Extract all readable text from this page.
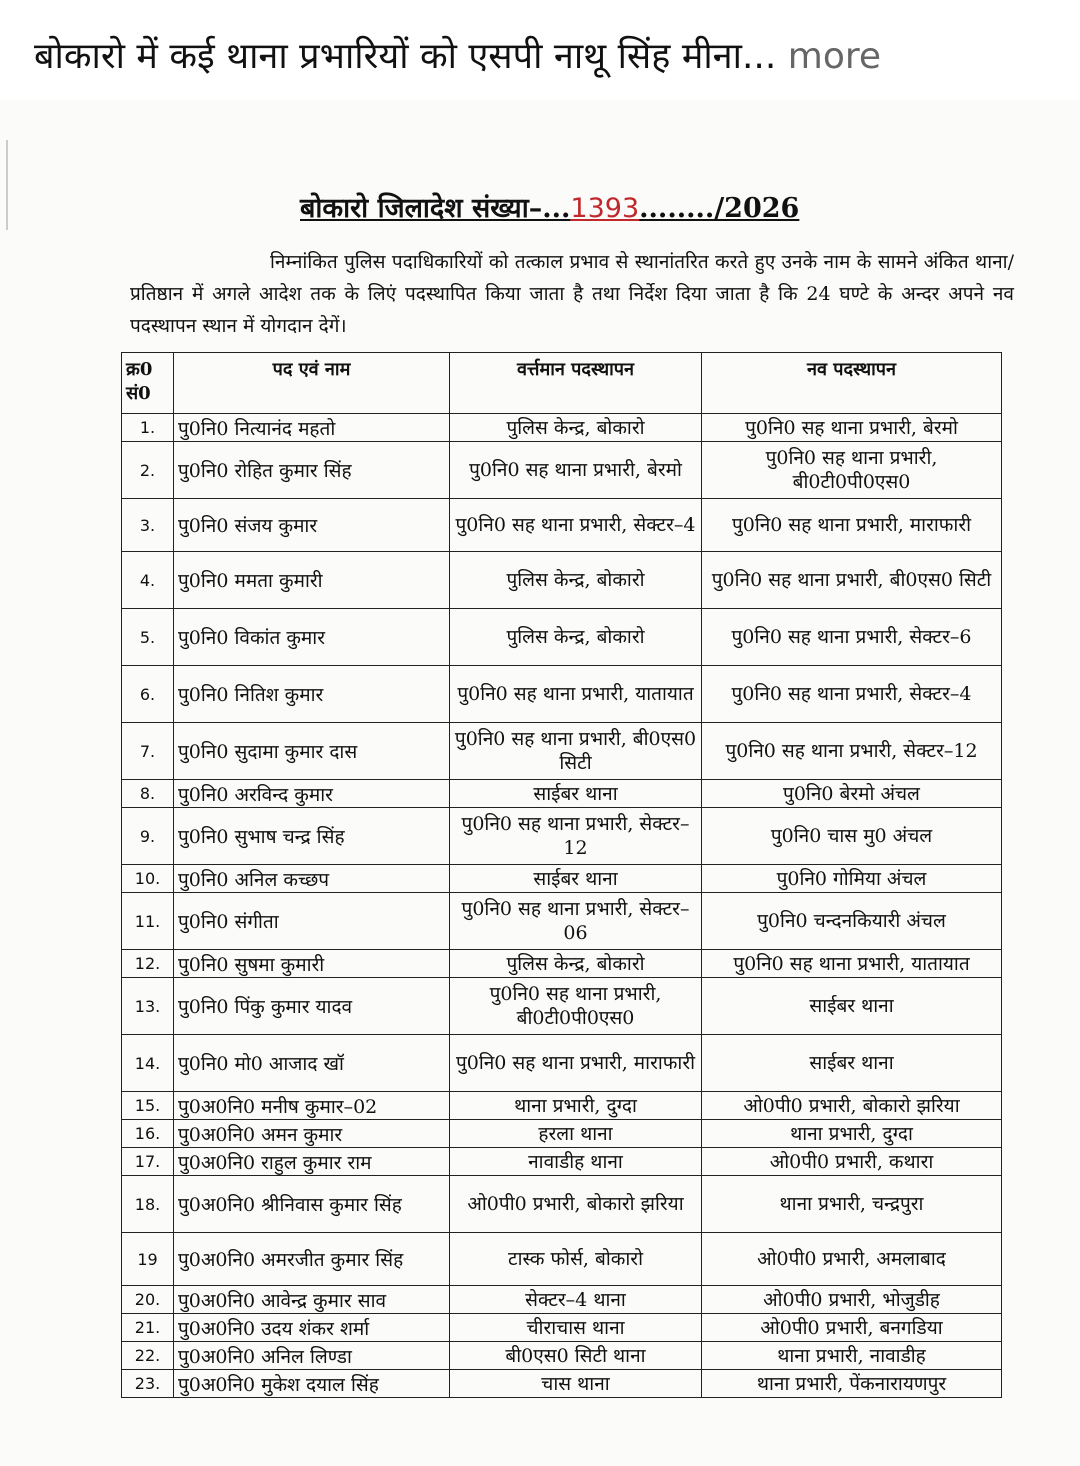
बोकारो में कई थाना प्रभारियों को एसपी नाथू सिंह मीना... more
बोकारो जिलादेश संख्या–...1393......../2026
निम्नांकित पुलिस पदाधिकारियों को तत्काल प्रभाव से स्थानांतरित करते हुए उनके नाम के सामने अंकित थाना/प्रतिष्ठान में अगले आदेश तक के लिएं पदस्थापित किया जाता है तथा निर्देश दिया जाता है कि 24 घण्टे के अन्दर अपने नव पदस्थापन स्थान में योगदान देगें।
क्र0 सं0	पद एवं नाम	वर्त्तमान पदस्थापन	नव पदस्थापन
1.	पु0नि0 नित्यानंद महतो	पुलिस केन्द्र, बोकारो	पु0नि0 सह थाना प्रभारी, बेरमो
2.	पु0नि0 रोहित कुमार सिंह	पु0नि0 सह थाना प्रभारी, बेरमो	पु0नि0 सह थाना प्रभारी, बी0टी0पी0एस0
3.	पु0नि0 संजय कुमार	पु0नि0 सह थाना प्रभारी, सेक्टर–4	पु0नि0 सह थाना प्रभारी, माराफारी
4.	पु0नि0 ममता कुमारी	पुलिस केन्द्र, बोकारो	पु0नि0 सह थाना प्रभारी, बी0एस0 सिटी
5.	पु0नि0 विकांत कुमार	पुलिस केन्द्र, बोकारो	पु0नि0 सह थाना प्रभारी, सेक्टर–6
6.	पु0नि0 नितिश कुमार	पु0नि0 सह थाना प्रभारी, यातायात	पु0नि0 सह थाना प्रभारी, सेक्टर–4
7.	पु0नि0 सुदामा कुमार दास	पु0नि0 सह थाना प्रभारी, बी0एस0 सिटी	पु0नि0 सह थाना प्रभारी, सेक्टर–12
8.	पु0नि0 अरविन्द कुमार	साईबर थाना	पु0नि0 बेरमो अंचल
9.	पु0नि0 सुभाष चन्द्र सिंह	पु0नि0 सह थाना प्रभारी, सेक्टर–12	पु0नि0 चास मु0 अंचल
10.	पु0नि0 अनिल कच्छप	साईबर थाना	पु0नि0 गोमिया अंचल
11.	पु0नि0 संगीता	पु0नि0 सह थाना प्रभारी, सेक्टर–06	पु0नि0 चन्दनकियारी अंचल
12.	पु0नि0 सुषमा कुमारी	पुलिस केन्द्र, बोकारो	पु0नि0 सह थाना प्रभारी, यातायात
13.	पु0नि0 पिंकु कुमार यादव	पु0नि0 सह थाना प्रभारी, बी0टी0पी0एस0	साईबर थाना
14.	पु0नि0 मो0 आजाद खॉ	पु0नि0 सह थाना प्रभारी, माराफारी	साईबर थाना
15.	पु0अ0नि0 मनीष कुमार–02	थाना प्रभारी, दुग्दा	ओ0पी0 प्रभारी, बोकारो झरिया
16.	पु0अ0नि0 अमन कुमार	हरला थाना	थाना प्रभारी, दुग्दा
17.	पु0अ0नि0 राहुल कुमार राम	नावाडीह थाना	ओ0पी0 प्रभारी, कथारा
18.	पु0अ0नि0 श्रीनिवास कुमार सिंह	ओ0पी0 प्रभारी, बोकारो झरिया	थाना प्रभारी, चन्द्रपुरा
19	पु0अ0नि0 अमरजीत कुमार सिंह	टास्क फोर्स, बोकारो	ओ0पी0 प्रभारी, अमलाबाद
20.	पु0अ0नि0 आवेन्द्र कुमार साव	सेक्टर–4 थाना	ओ0पी0 प्रभारी, भोजुडीह
21.	पु0अ0नि0 उदय शंकर शर्मा	चीराचास थाना	ओ0पी0 प्रभारी, बनगडिया
22.	पु0अ0नि0 अनिल लिण्डा	बी0एस0 सिटी थाना	थाना प्रभारी, नावाडीह
23.	पु0अ0नि0 मुकेश दयाल सिंह	चास थाना	थाना प्रभारी, पेंकनारायणपुर
